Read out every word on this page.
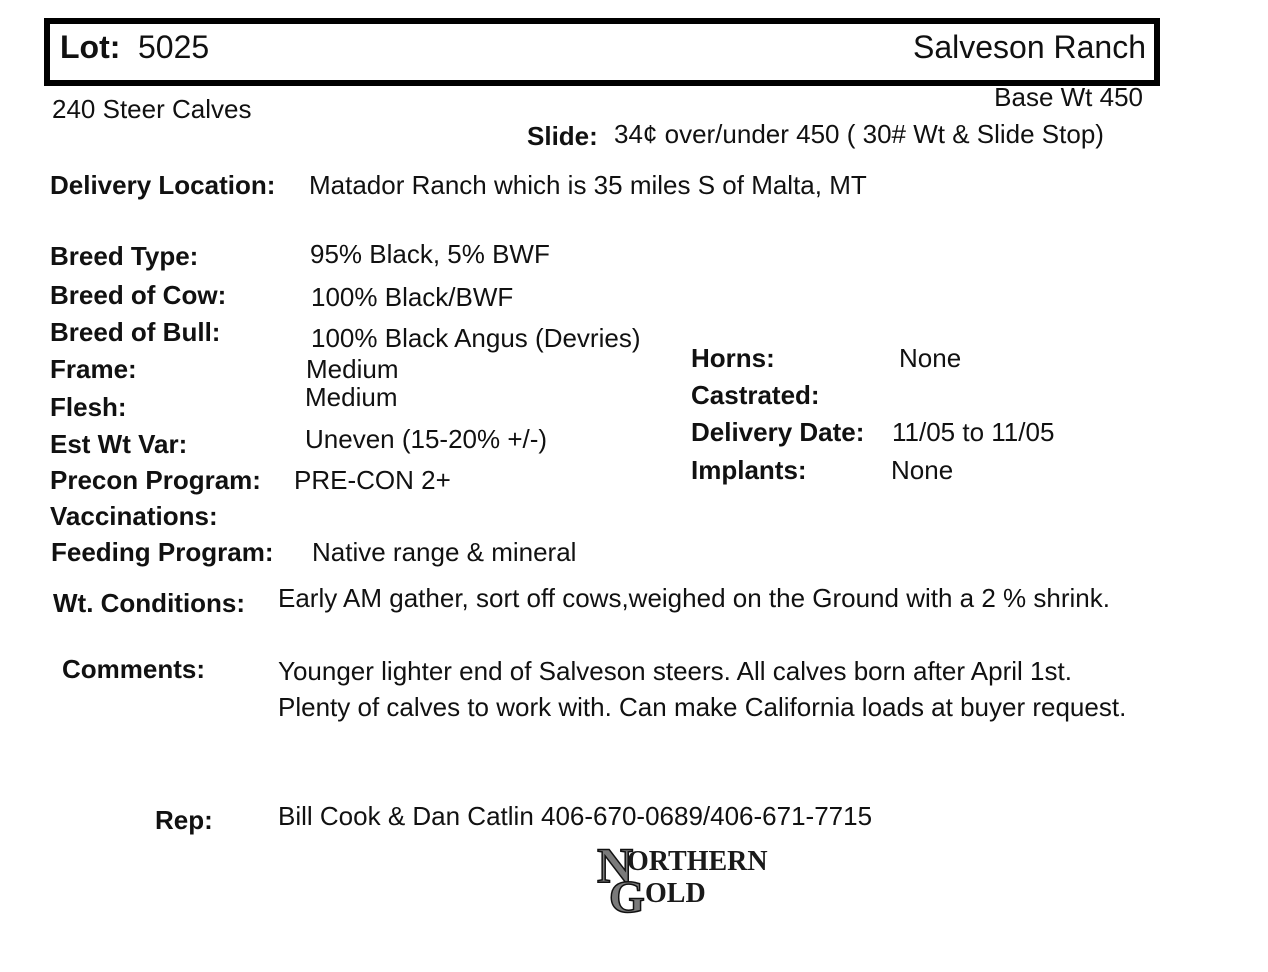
Lot: 5025	Salveson Ranch
240 Steer Calves	Base Wt 450
Slide: 34¢ over/under 450 ( 30# Wt & Slide Stop)
Delivery Location: Matador Ranch which is 35 miles S of Malta, MT
Breed Type:	95% Black, 5% BWF
Breed of Cow:	100% Black/BWF
Breed of Bull:	100% Black Angus (Devries)
Frame:	Medium
Flesh:	Medium
Est Wt Var:	Uneven (15-20% +/-)
Precon Program: PRE-CON 2+
Vaccinations:
Feeding Program: Native range & mineral
Horns:	None
Castrated:
Delivery Date: 11/05 to 11/05
Implants:	None
Wt. Conditions: Early AM gather, sort off cows,weighed on the Ground with a 2 % shrink.
Comments:	Younger lighter end of Salveson steers. All calves born after April 1st.
Plenty of calves to work with. Can make California loads at buyer request.
Rep:	Bill Cook & Dan Catlin 406-670-0689/406-671-7715
N
ORTHERN
G OLD
